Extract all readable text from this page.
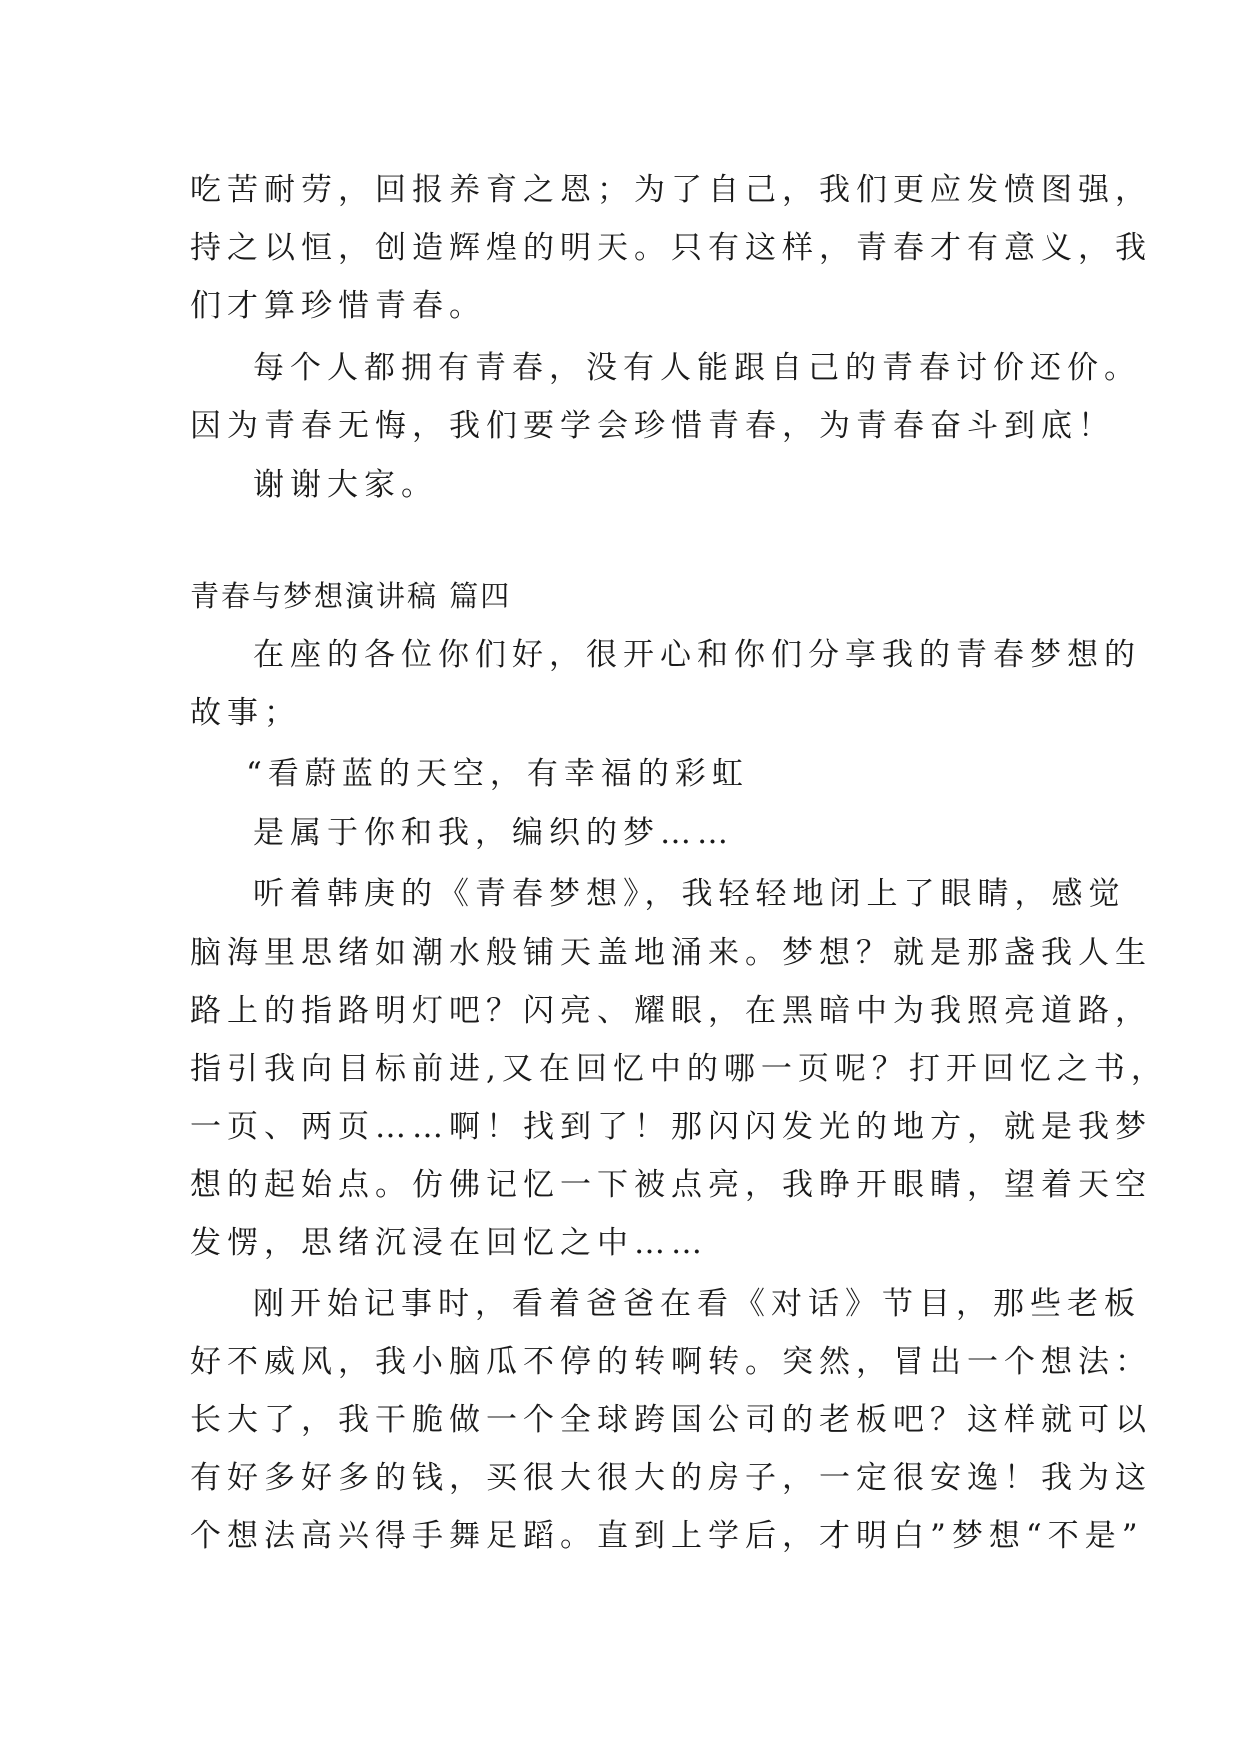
吃苦耐劳，回报养育之恩；为了自己，我们更应发愤图强，
持之以恒，创造辉煌的明天。只有这样，青春才有意义，我
们才算珍惜青春。
每个人都拥有青春，没有人能跟自己的青春讨价还价。
因为青春无悔，我们要学会珍惜青春，为青春奋斗到底！
谢谢大家。
青春与梦想演讲稿 篇四
在座的各位你们好，很开心和你们分享我的青春梦想的
故事；
“看蔚蓝的天空，有幸福的彩虹
是属于你和我，编织的梦……
听着韩庚的《青春梦想》，我轻轻地闭上了眼睛，感觉
脑海里思绪如潮水般铺天盖地涌来。梦想？就是那盏我人生
路上的指路明灯吧？闪亮、耀眼，在黑暗中为我照亮道路，
指引我向目标前进,又在回忆中的哪一页呢？打开回忆之书，
一页、两页……啊！找到了！那闪闪发光的地方，就是我梦
想的起始点。仿佛记忆一下被点亮，我睁开眼睛，望着天空
发愣，思绪沉浸在回忆之中……
刚开始记事时，看着爸爸在看《对话》节目，那些老板
好不威风，我小脑瓜不停的转啊转。突然，冒出一个想法：
长大了，我干脆做一个全球跨国公司的老板吧？这样就可以
有好多好多的钱，买很大很大的房子，一定很安逸！我为这
个想法高兴得手舞足蹈。直到上学后，才明白”梦想“不是”
